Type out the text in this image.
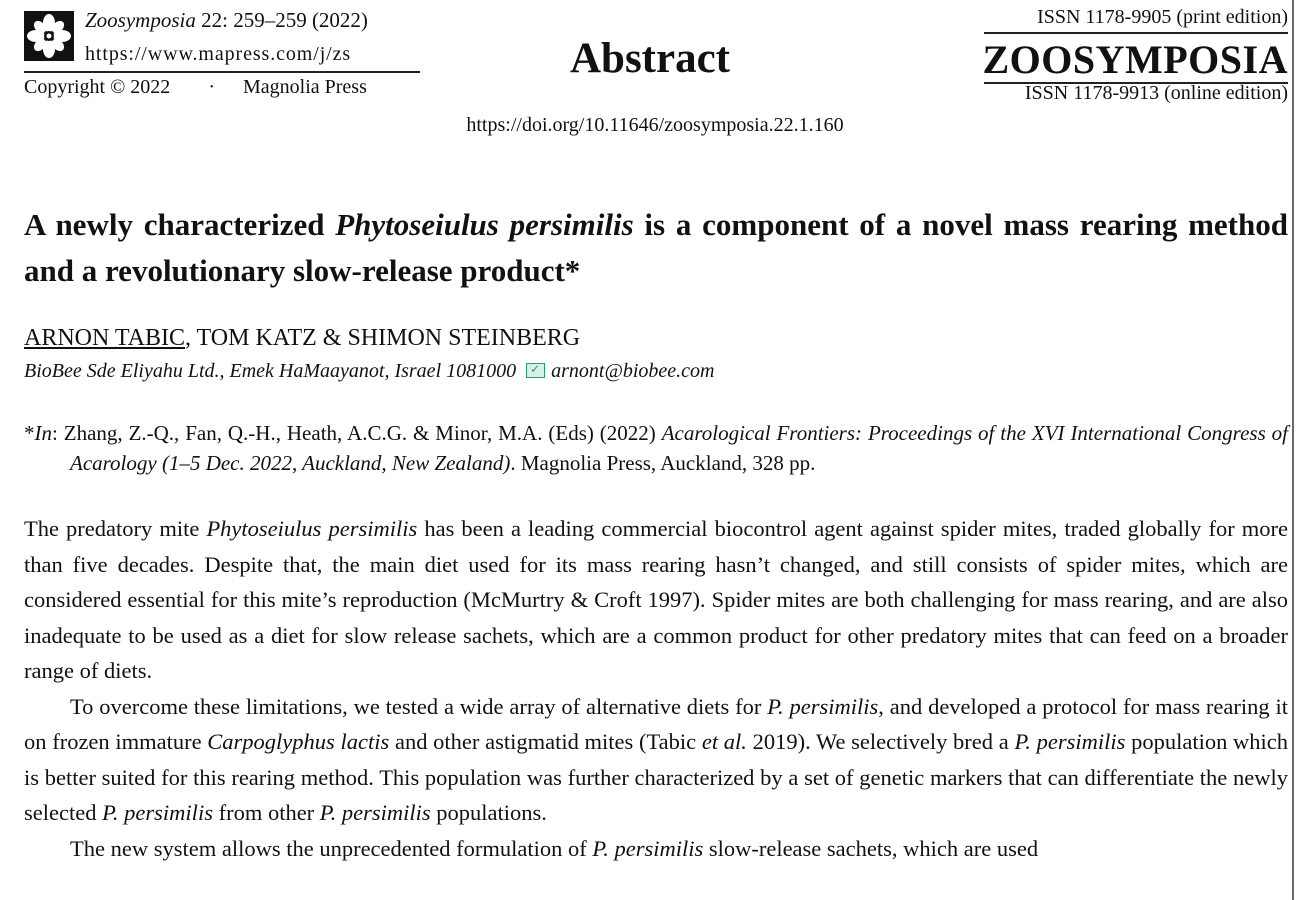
Zoosymposia 22: 259–259 (2022)
https://www.mapress.com/j/zs
Copyright © 2022 · Magnolia Press
Abstract
https://doi.org/10.11646/zoosymposia.22.1.160
ISSN 1178-9905 (print edition)
ZOOSYMPOSIA
ISSN 1178-9913 (online edition)
A newly characterized Phytoseiulus persimilis is a component of a novel mass rearing method and a revolutionary slow-release product*
ARNON TABIC, TOM KATZ & SHIMON STEINBERG
BioBee Sde Eliyahu Ltd., Emek HaMaayanot, Israel 1081000 ✓ arnont@biobee.com
*In: Zhang, Z.-Q., Fan, Q.-H., Heath, A.C.G. & Minor, M.A. (Eds) (2022) Acarological Frontiers: Proceedings of the XVI International Congress of Acarology (1–5 Dec. 2022, Auckland, New Zealand). Magnolia Press, Auckland, 328 pp.

The predatory mite Phytoseiulus persimilis has been a leading commercial biocontrol agent against spider mites, traded globally for more than five decades. Despite that, the main diet used for its mass rearing hasn’t changed, and still consists of spider mites, which are considered essential for this mite’s reproduction (McMurtry & Croft 1997). Spider mites are both challenging for mass rearing, and are also inadequate to be used as a diet for slow release sachets, which are a common product for other predatory mites that can feed on a broader range of diets.

To overcome these limitations, we tested a wide array of alternative diets for P. persimilis, and developed a protocol for mass rearing it on frozen immature Carpoglyphus lactis and other astigmatid mites (Tabic et al. 2019). We selectively bred a P. persimilis population which is better suited for this rearing method. This population was further characterized by a set of genetic markers that can differentiate the newly selected P. persimilis from other P. persimilis populations.

The new system allows the unprecedented formulation of P. persimilis slow-release sachets, which are used
